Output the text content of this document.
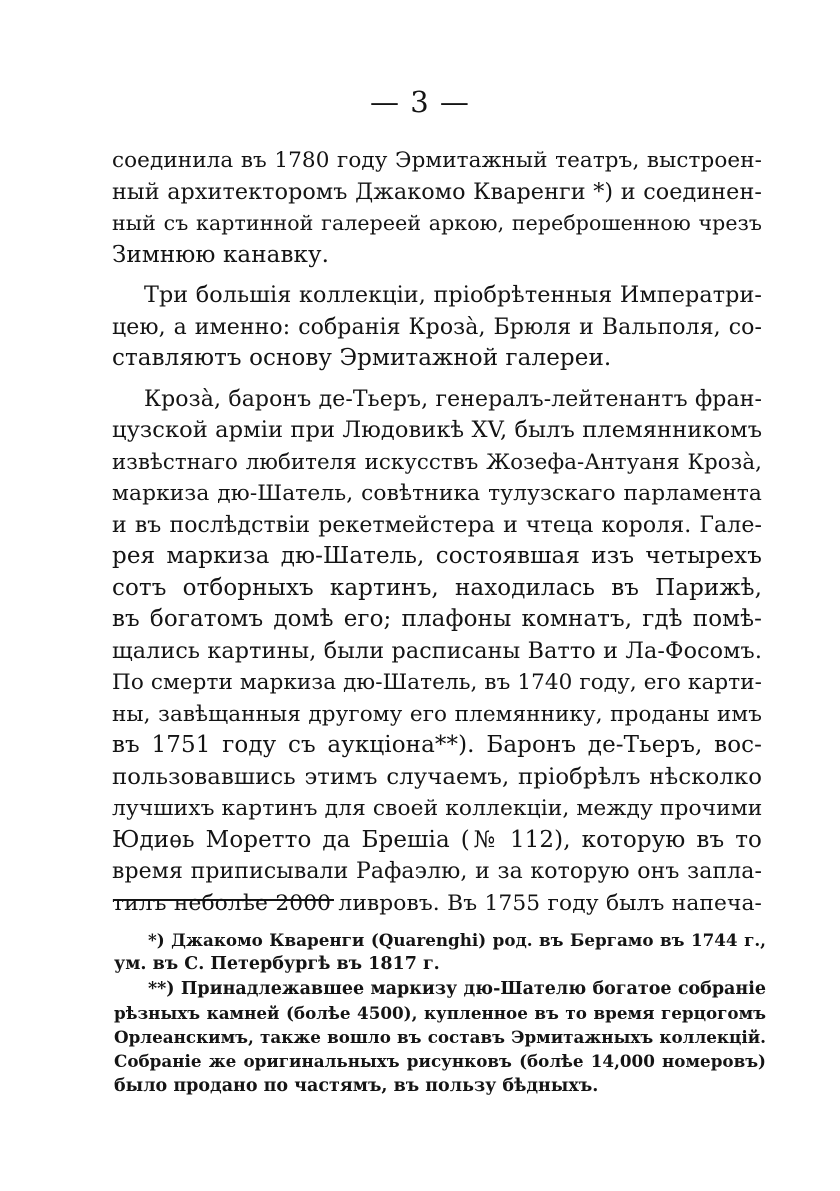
— 3 —
соединила въ 1780 году Эрмитажный театръ, выстроен-
ный архитекторомъ Джакомо Кваренги *) и соединен-
ный съ картинной галереей аркою, переброшенною чрезъ
Зимнюю канавку.
Три большія коллекціи, пріобрѣтенныя Императри-
цею, а именно: собранія Крозà, Брюля и Вальполя, со-
ставляютъ основу Эрмитажной галереи.
Крозà, баронъ де-Тьеръ, генералъ-лейтенантъ фран-
цузской арміи при Людовикѣ XV, былъ племянникомъ
извѣстнаго любителя искусствъ Жозефа-Антуаня Крозà,
маркиза дю-Шатель, совѣтника тулузскаго парламента
и въ послѣдствіи рекетмейстера и чтеца короля. Гале-
рея маркиза дю-Шатель, состоявшая изъ четырехъ
сотъ отборныхъ картинъ, находилась въ Парижѣ,
въ богатомъ домѣ его; плафоны комнатъ, гдѣ помѣ-
щались картины, были расписаны Ватто и Ла-Фосомъ.
По смерти маркиза дю-Шатель, въ 1740 году, его карти-
ны, завѣщанныя другому его племяннику, проданы имъ
въ 1751 году съ аукціона**). Баронъ де-Тьеръ, вос-
пользовавшись этимъ случаемъ, пріобрѣлъ нѣсколко
лучшихъ картинъ для своей коллекціи, между прочими
Юдиѳь Моретто да Брешіа (№ 112), которую въ то
время приписывали Рафаэлю, и за которую онъ запла-
тилъ неболѣе 2000 ливровъ. Въ 1755 году былъ напеча-
*) Джакомо Кваренги (Quarenghi) род. въ Бергамо въ 1744 г.,
ум. въ С. Петербургѣ въ 1817 г.
**) Принадлежавшее маркизу дю-Шателю богатое собраніе
рѣзныхъ камней (болѣе 4500), купленное въ то время герцогомъ
Орлеанскимъ, также вошло въ составъ Эрмитажныхъ коллекцій.
Собраніе же оригинальныхъ рисунковъ (болѣе 14,000 номеровъ)
было продано по частямъ, въ пользу бѣдныхъ.
